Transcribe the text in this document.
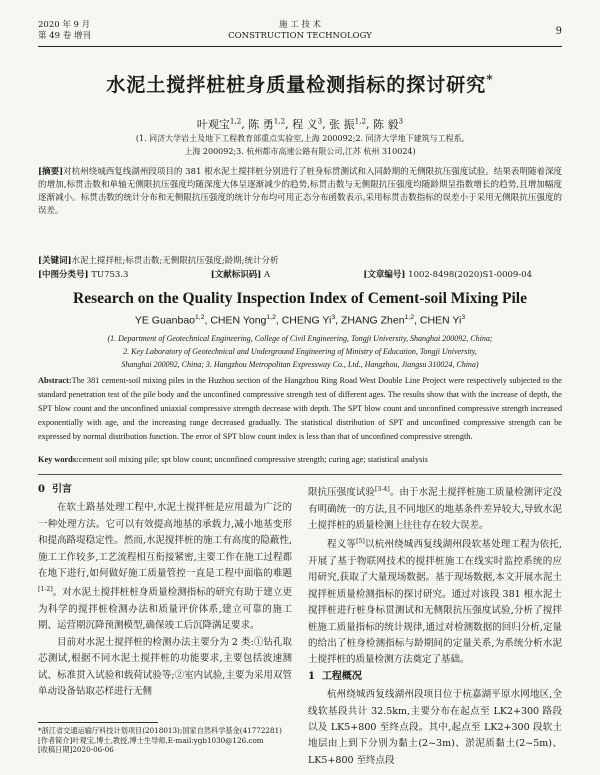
2020 年 9 月
第 49 卷 增刊
施 工 技 术
CONSTRUCTION TECHNOLOGY	9
水泥土搅拌桩桩身质量检测指标的探讨研究*
叶观宝$^{1,2}$, 陈 勇$^{1,2}$, 程 义$^3$, 张 振$^{1,2}$, 陈 毅$^3$
(1. 同济大学岩土及地下工程教育部重点实验室,上海 200092;2. 同济大学地下建筑与工程系,
上海 200092;3. 杭州都市高速公路有限公司,江苏 杭州 310024)
[摘要]对杭州绕城西复线湖州段项目的 381 根水泥土搅拌桩分别进行了桩身标贯测试和入同龄期的无侧限抗压强度试验。结果表明随着深度的增加,标贯击数和单轴无侧限抗压强度均随深度大体呈逐渐减少的趋势,标贯击数与无侧限抗压强度均随龄期呈指数增长的趋势,且增加幅度逐渐减小。标贯击数的统计分布和无侧限抗压强度的统计分布均可用正态分布函数表示,采用标贯击数指标的误差小于采用无侧限抗压强度的误差。
[关键词]水泥土搅拌桩;标贯击数;无侧限抗压强度;龄期;统计分析
[中图分类号] TU753.3	[文献标识码] A	[文章编号] 1002-8498(2020)S1-0009-04
Research on the Quality Inspection Index of Cement-soil Mixing Pile
YE Guanbao$^{1,2}$, CHEN Yong$^{1,2}$, CHENG Yi$^3$, ZHANG Zhen$^{1,2}$, CHEN Yi$^3$
(1. Department of Geotechnical Engineering, College of Civil Engineering, Tongji University, Shanghai 200092, China;
2. Key Laboratory of Geotechnical and Underground Engineering of Ministry of Education, Tongji University,
Shanghai 200092, China; 3. Hangzhou Metropolitan Expressway Co., Ltd., Hangzhou, Jiangsu 310024, China)
Abstract:The 381 cement-soil mixing piles in the Huzhou section of the Hangzhou Ring Road West Double Line Project were respectively subjected to the standard penetration test of the pile body and the unconfined compressive strength test of different ages. The results show that with the increase of depth, the SPT blow count and the unconfined uniaxial compressive strength decrease with depth. The SPT blow count and unconfined compressive strength increased exponentially with age, and the increasing range decreased gradually. The statistical distribution of SPT and unconfined compressive strength can be expressed by normal distribution function. The error of SPT blow count index is less than that of unconfined compressive strength.
Key words:cement soil mixing pile; spt blow count; unconfined compressive strength; curing age; statistical analysis
0 引言

在软土路基处理工程中,水泥土搅拌桩是应用最为广泛的一种处理方法。它可以有效提高地基的承载力,减小地基变形和提高路堤稳定性。然而,水泥搅拌桩的施工有高度的隐蔽性,施工工作较多,工艺流程相互衔接紧密,主要工作在施工过程都在地下进行,如何做好施工质量管控一直是工程中面临的难题[1-2]。对水泥土搅拌桩桩身质量检测指标的研究有助于建立更为科学的搅拌桩检测办法和质量评价体系,建立可靠的施工期、运营期沉降预测模型,确保竣工后沉降满足要求。

目前对水泥土搅拌桩的检测办法主要分为 2 类:①钻孔取芯测试,根据不同水泥土搅拌桩的功能要求,主要包括波速测试、标准贯入试验和载荷试验等;②室内试验,主要为采用双管单动设备钻取芯样进行无侧

限抗压强度试验[3-4]。由于水泥土搅拌桩施工质量检测评定没有明确统一的方法,且不同地区的地基条件差异较大,导致水泥土搅拌桩的质量检测上往往存在较大误差。

程义等[5]以杭州绕城西复线湖州段软基处理工程为依托,开展了基于物联网技术的搅拌桩施工在线实时监控系统的应用研究,获取了大量现场数据。基于现场数据,本文开展水泥土搅拌桩质量检测指标的探讨研究。通过对该段 381 根水泥土搅拌桩进行桩身标贯测试和无侧限抗压强度试验,分析了搅拌桩施工质量指标的统计规律,通过对检测数据的回归分析,定量的给出了桩身检测指标与龄期间的定量关系,为系统分析水泥土搅拌桩的质量检测方法奠定了基础。

1 工程概况

杭州绕城西复线湖州段项目位于杭嘉湖平原水网地区,全线软基段共计 32.5km,主要分布在起点至 LK2+300 路段以及 LK5+800 至终点段。其中,起点至 LK2+300 段软土地层由上到下分别为黏土(2~3m)、淤泥质黏土(2~5m)、LK5+800 至终点段

*浙江省交通运输厅科技计划项目(2018013);国家自然科学基金(41772281)
[作者简介]叶观宝,博士,教授,博士生导师,E-mail:ygb1030@126.com
[收稿日期]2020-06-06
